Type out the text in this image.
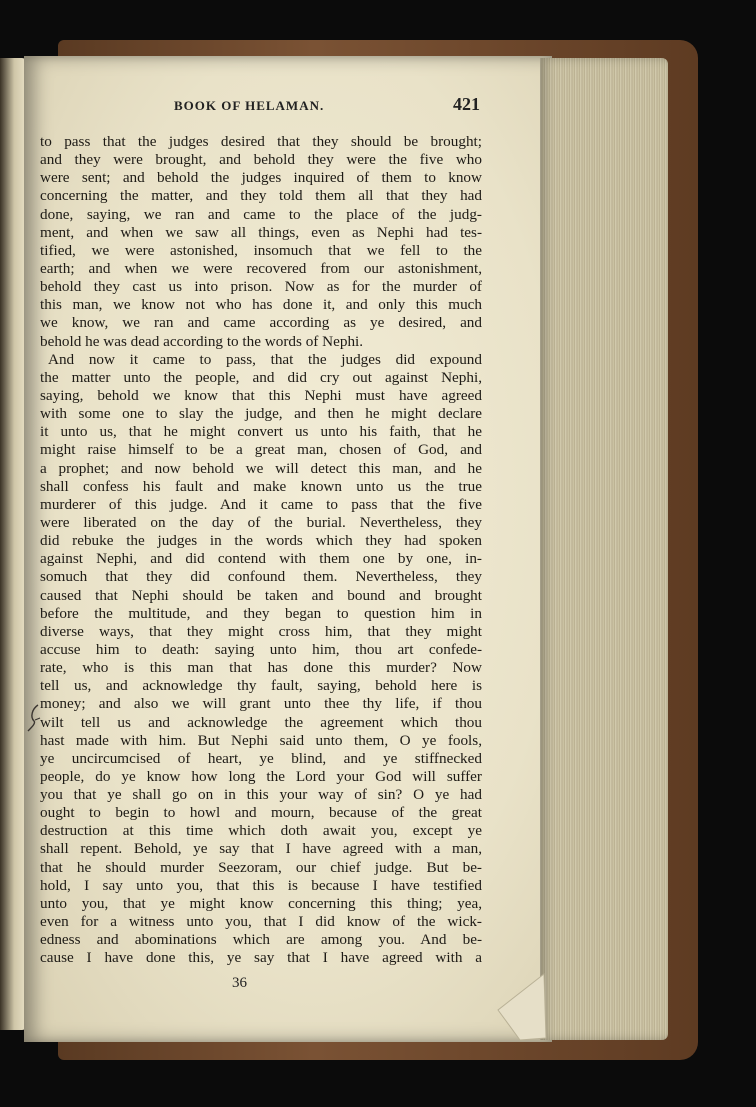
BOOK OF HELAMAN.	421
to pass that the judges desired that they should be brought;
and they were brought, and behold they were the five who
were sent; and behold the judges inquired of them to know
concerning the matter, and they told them all that they had
done, saying, we ran and came to the place of the judg-
ment, and when we saw all things, even as Nephi had tes-
tified, we were astonished, insomuch that we fell to the
earth; and when we were recovered from our astonishment,
behold they cast us into prison. Now as for the murder of
this man, we know not who has done it, and only this much
we know, we ran and came according as ye desired, and
behold he was dead according to the words of Nephi.
And now it came to pass, that the judges did expound
the matter unto the people, and did cry out against Nephi,
saying, behold we know that this Nephi must have agreed
with some one to slay the judge, and then he might declare
it unto us, that he might convert us unto his faith, that he
might raise himself to be a great man, chosen of God, and
a prophet; and now behold we will detect this man, and he
shall confess his fault and make known unto us the true
murderer of this judge. And it came to pass that the five
were liberated on the day of the burial. Nevertheless, they
did rebuke the judges in the words which they had spoken
against Nephi, and did contend with them one by one, in-
somuch that they did confound them. Nevertheless, they
caused that Nephi should be taken and bound and brought
before the multitude, and they began to question him in
diverse ways, that they might cross him, that they might
accuse him to death: saying unto him, thou art confede-
rate, who is this man that has done this murder? Now
tell us, and acknowledge thy fault, saying, behold here is
money; and also we will grant unto thee thy life, if thou
wilt tell us and acknowledge the agreement which thou
hast made with him. But Nephi said unto them, O ye fools,
ye uncircumcised of heart, ye blind, and ye stiffnecked
people, do ye know how long the Lord your God will suffer
you that ye shall go on in this your way of sin? O ye had
ought to begin to howl and mourn, because of the great
destruction at this time which doth await you, except ye
shall repent. Behold, ye say that I have agreed with a man,
that he should murder Seezoram, our chief judge. But be-
hold, I say unto you, that this is because I have testified
unto you, that ye might know concerning this thing; yea,
even for a witness unto you, that I did know of the wick-
edness and abominations which are among you. And be-
cause I have done this, ye say that I have agreed with a
36
